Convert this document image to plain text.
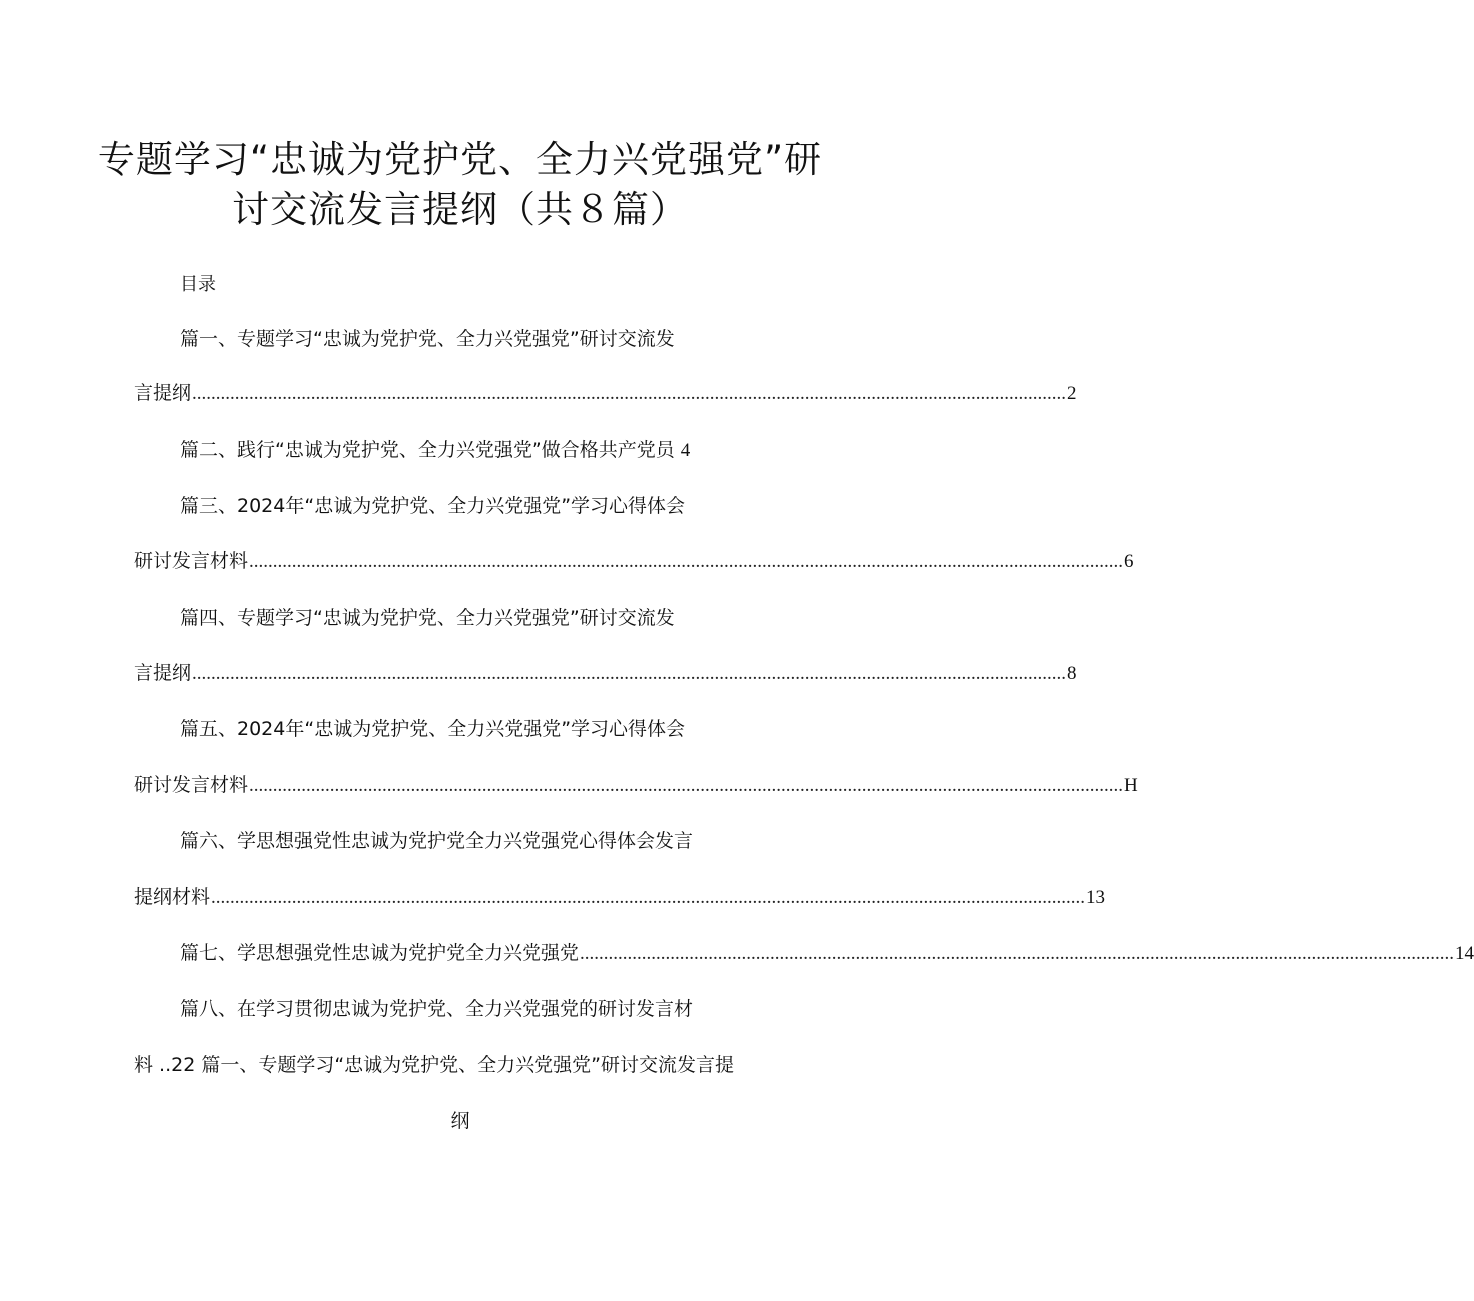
专题学习“忠诚为党护党、全力兴党强党”研
讨交流发言提纲（共８篇）
目录
篇一、专题学习“忠诚为党护党、全力兴党强党”研讨交流发
言提纲 ........................................................................................................................................................................................ 2
篇二、践行“忠诚为党护党、全力兴党强党”做合格共产党员 4
篇三、2024年“忠诚为党护党、全力兴党强党”学习心得体会
研讨发言材料 ........................................................................................................................................................................................ 6
篇四、专题学习“忠诚为党护党、全力兴党强党”研讨交流发
言提纲 ........................................................................................................................................................................................ 8
篇五、2024年“忠诚为党护党、全力兴党强党”学习心得体会
研讨发言材料 ........................................................................................................................................................................................ H
篇六、学思想强党性忠诚为党护党全力兴党强党心得体会发言
提纲材料 ........................................................................................................................................................................................ 13
篇七、学思想强党性忠诚为党护党全力兴党强党 ........................................................................................................................................................................................ 14
篇八、在学习贯彻忠诚为党护党、全力兴党强党的研讨发言材
料 ..22 篇一、专题学习“忠诚为党护党、全力兴党强党”研讨交流发言提
纲
